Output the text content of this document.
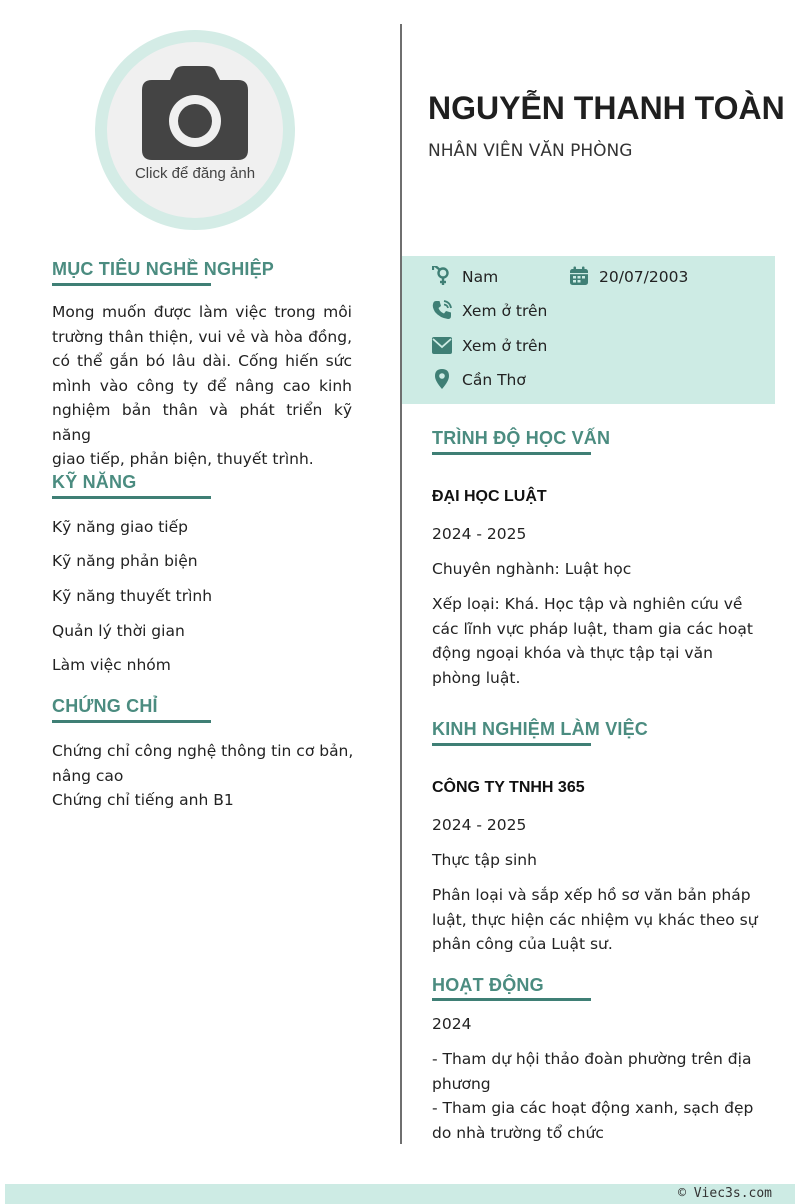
Click để đăng ảnh
MỤC TIÊU NGHỀ NGHIỆP
Mong muốn được làm việc trong môi
trường thân thiện, vui vẻ và hòa đồng,
có thể gắn bó lâu dài. Cống hiến sức
mình vào công ty để nâng cao kinh
nghiệm bản thân và phát triển kỹ năng
giao tiếp, phản biện, thuyết trình.
KỸ NĂNG
Kỹ năng giao tiếp
Kỹ năng phản biện
Kỹ năng thuyết trình
Quản lý thời gian
Làm việc nhóm
CHỨNG CHỈ
Chứng chỉ công nghệ thông tin cơ bản,
nâng cao
Chứng chỉ tiếng anh B1
NGUYỄN THANH TOÀN
NHÂN VIÊN VĂN PHÒNG
Nam	20/07/2003
Xem ở trên
Xem ở trên
Cần Thơ
TRÌNH ĐỘ HỌC VẤN
ĐẠI HỌC LUẬT
2024 - 2025
Chuyên nghành: Luật học
Xếp loại: Khá. Học tập và nghiên cứu về
các lĩnh vực pháp luật, tham gia các hoạt
động ngoại khóa và thực tập tại văn
phòng luật.
KINH NGHIỆM LÀM VIỆC
CÔNG TY TNHH 365
2024 - 2025
Thực tập sinh
Phân loại và sắp xếp hồ sơ văn bản pháp
luật, thực hiện các nhiệm vụ khác theo sự
phân công của Luật sư.
HOẠT ĐỘNG
2024
- Tham dự hội thảo đoàn phường trên địa
phương
- Tham gia các hoạt động xanh, sạch đẹp
do nhà trường tổ chức
© Viec3s.com
